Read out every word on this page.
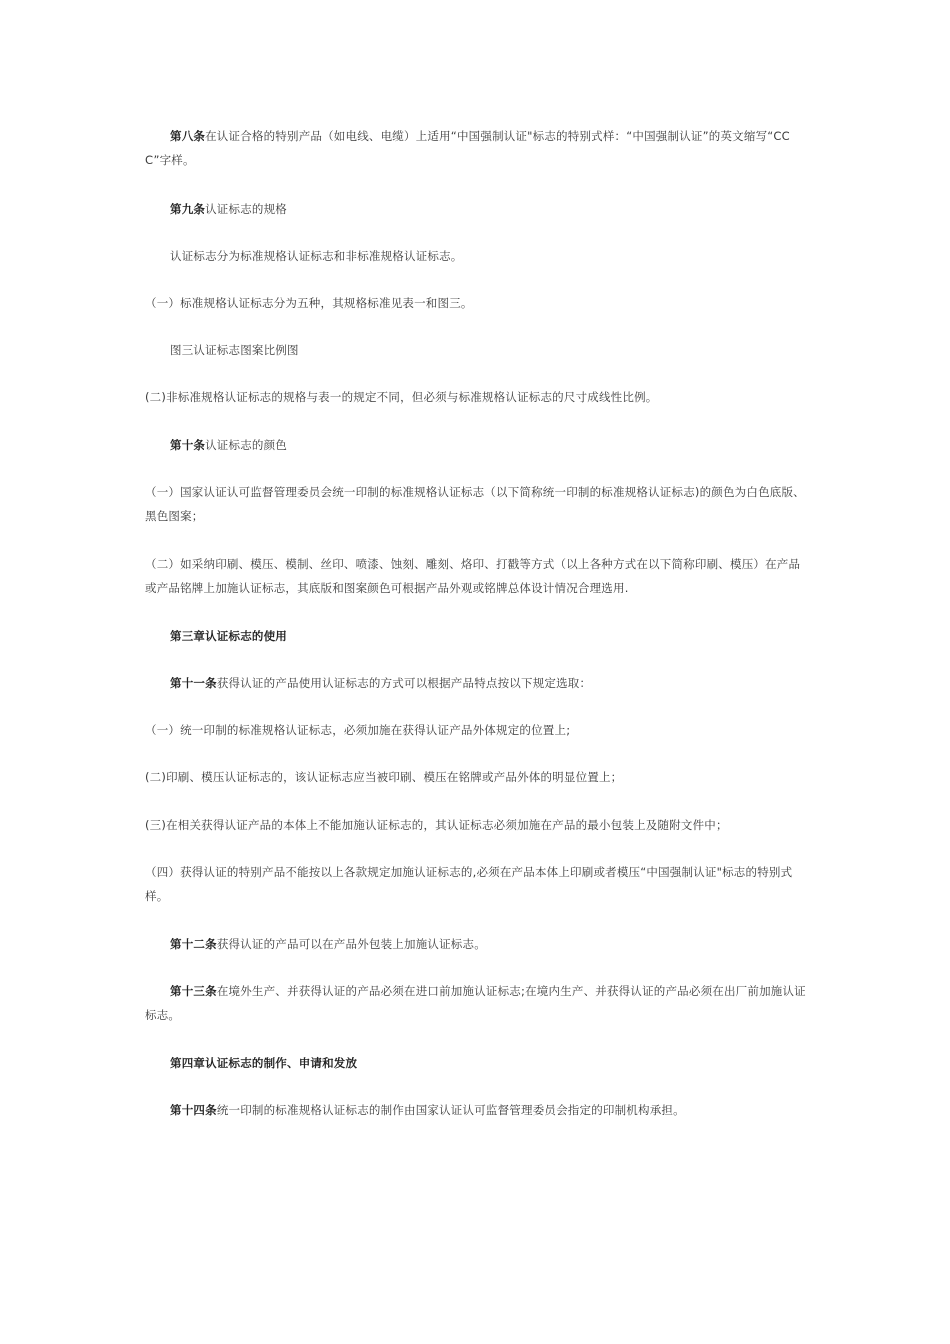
第八条在认证合格的特别产品（如电线、电缆）上适用“中国强制认证"标志的特别式样：“中国强制认证”的英文缩写“CCC”字样。
第九条认证标志的规格
认证标志分为标准规格认证标志和非标准规格认证标志。
（一）标准规格认证标志分为五种，其规格标准见表一和图三。
图三认证标志图案比例图
(二)非标准规格认证标志的规格与表一的规定不同，但必须与标准规格认证标志的尺寸成线性比例。
第十条认证标志的颜色
（一）国家认证认可监督管理委员会统一印制的标准规格认证标志（以下简称统一印制的标准规格认证标志)的颜色为白色底版、黑色图案；
（二）如采纳印刷、模压、模制、丝印、喷漆、蚀刻、雕刻、烙印、打戳等方式（以上各种方式在以下简称印刷、模压）在产品或产品铭牌上加施认证标志，其底版和图案颜色可根据产品外观或铭牌总体设计情况合理选用.
第三章认证标志的使用
第十一条获得认证的产品使用认证标志的方式可以根据产品特点按以下规定选取：
（一）统一印制的标准规格认证标志，必须加施在获得认证产品外体规定的位置上;
(二)印刷、模压认证标志的，该认证标志应当被印刷、模压在铭牌或产品外体的明显位置上；
(三)在相关获得认证产品的本体上不能加施认证标志的，其认证标志必须加施在产品的最小包装上及随附文件中；
（四）获得认证的特别产品不能按以上各款规定加施认证标志的,必须在产品本体上印刷或者模压“中国强制认证"标志的特别式样。
第十二条获得认证的产品可以在产品外包装上加施认证标志。
第十三条在境外生产、并获得认证的产品必须在进口前加施认证标志;在境内生产、并获得认证的产品必须在出厂前加施认证标志。
第四章认证标志的制作、申请和发放
第十四条统一印制的标准规格认证标志的制作由国家认证认可监督管理委员会指定的印制机构承担。
